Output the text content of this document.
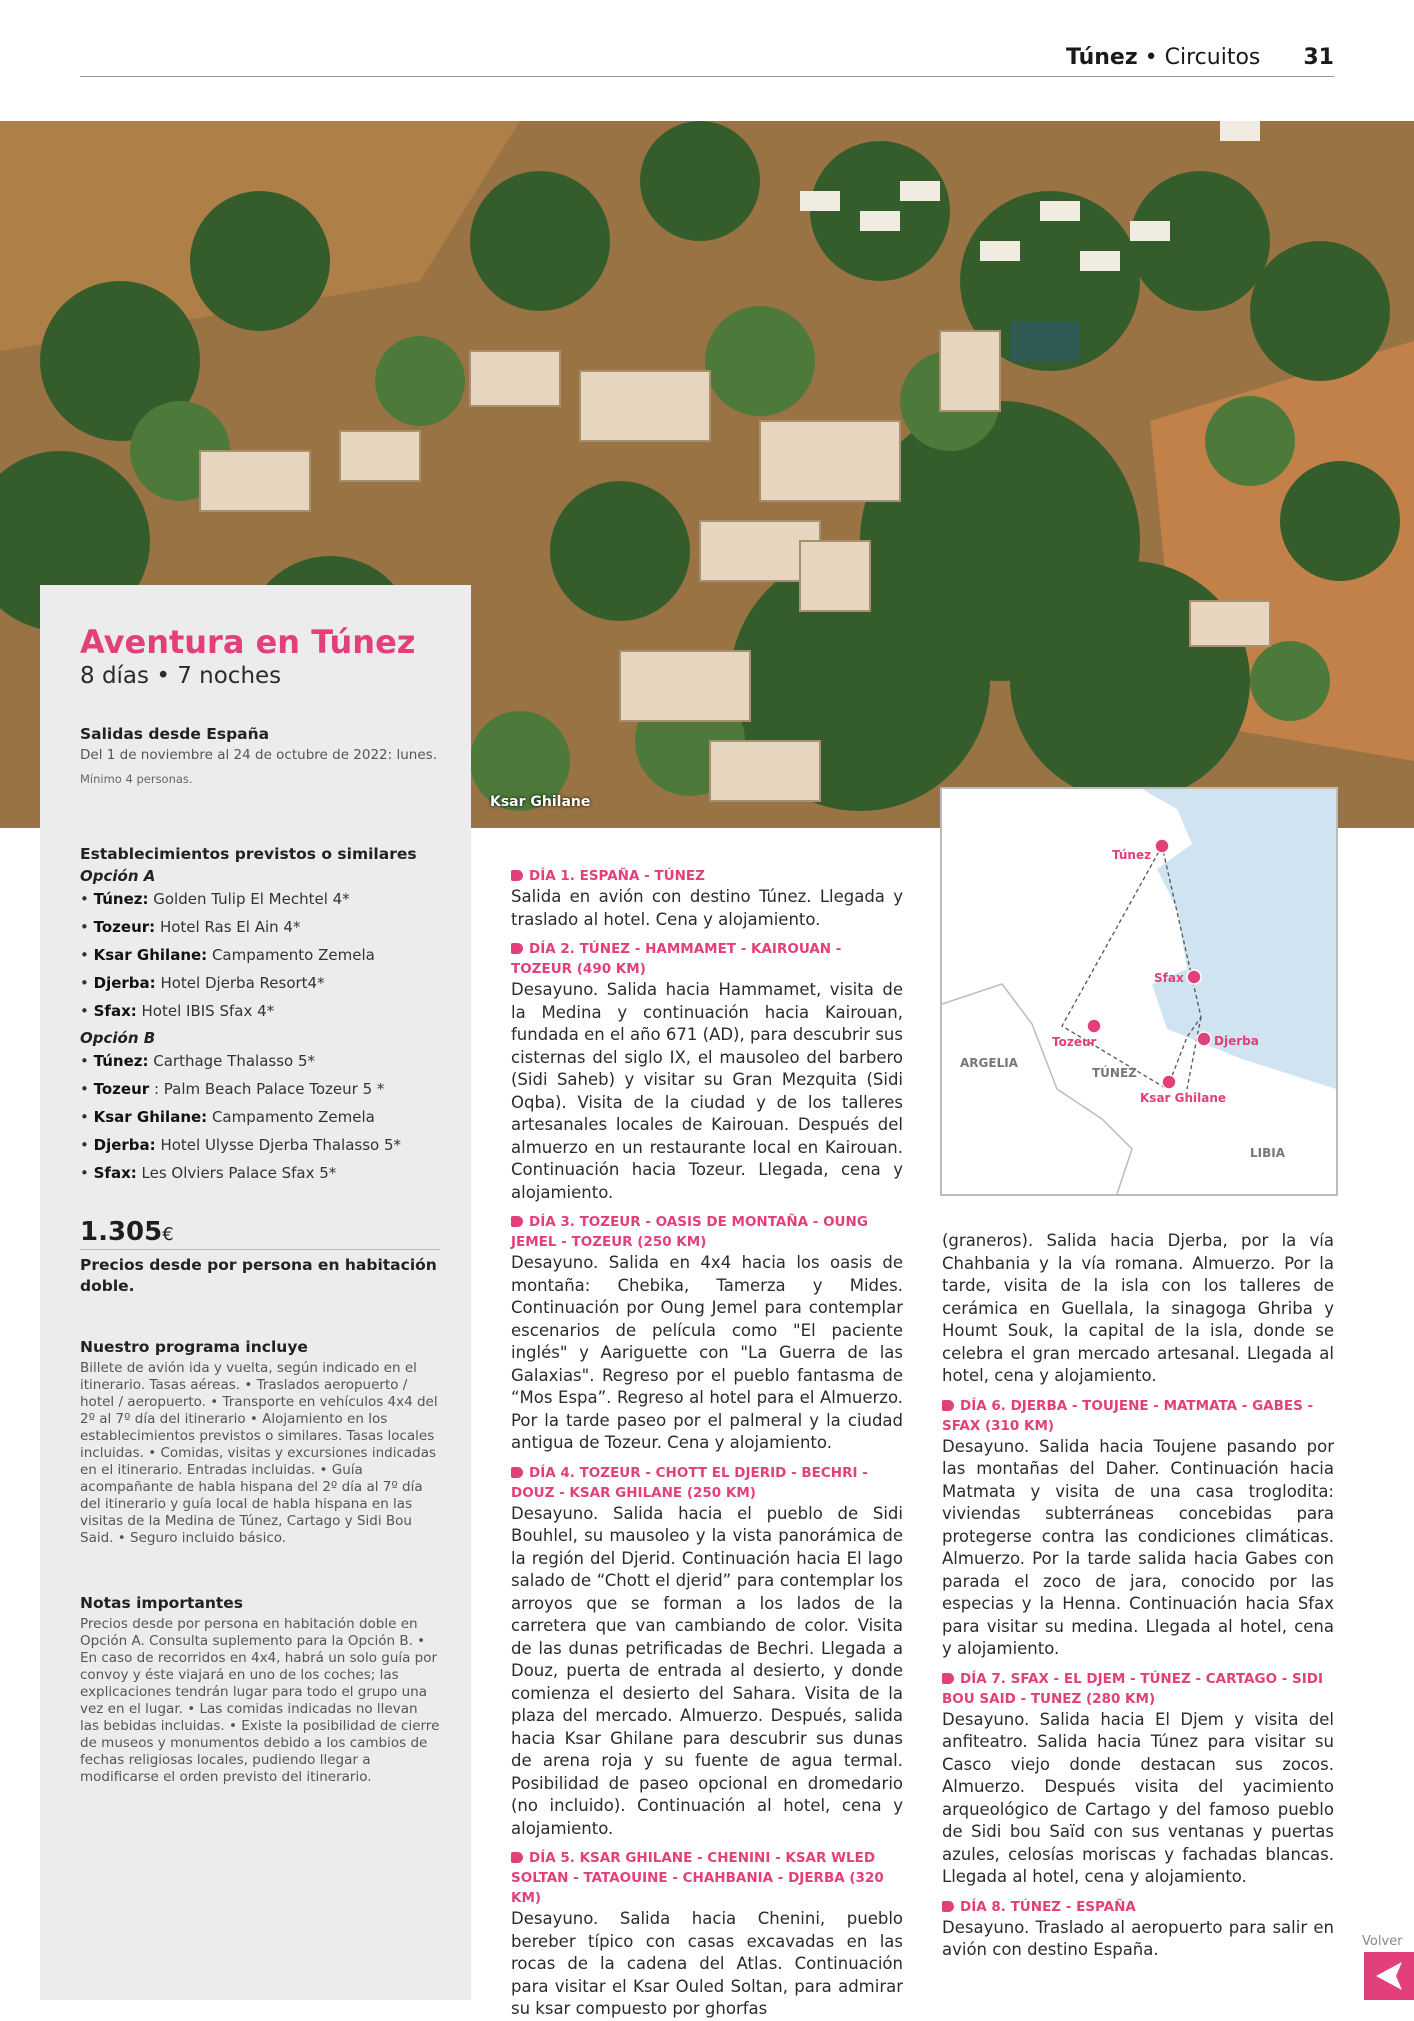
Túnez • Circuitos 31
Ksar Ghilane
Aventura en Túnez
8 días • 7 noches
Salidas desde España
Del 1 de noviembre al 24 de octubre de 2022: lunes.
Mínimo 4 personas.
Establecimientos previstos o similares
Opción A
• Túnez: Golden Tulip El Mechtel 4*
• Tozeur: Hotel Ras El Ain 4*
• Ksar Ghilane: Campamento Zemela
• Djerba: Hotel Djerba Resort4*
• Sfax: Hotel IBIS Sfax 4*
Opción B
• Túnez: Carthage Thalasso 5*
• Tozeur : Palm Beach Palace Tozeur 5 *
• Ksar Ghilane: Campamento Zemela
• Djerba: Hotel Ulysse Djerba Thalasso 5*
• Sfax: Les Olviers Palace Sfax 5*
1.305€
Precios desde por persona en habitación doble.
Nuestro programa incluye
Billete de avión ida y vuelta, según indicado en el itinerario. Tasas aéreas. • Traslados aeropuerto / hotel / aeropuerto. • Transporte en vehículos 4x4 del 2º al 7º día del itinerario • Alojamiento en los establecimientos previstos o similares. Tasas locales incluidas. • Comidas, visitas y excursiones indicadas en el itinerario. Entradas incluidas. • Guía acompañante de habla hispana del 2º día al 7º día del itinerario y guía local de habla hispana en las visitas de la Medina de Túnez, Cartago y Sidi Bou Said. • Seguro incluido básico.
Notas importantes
Precios desde por persona en habitación doble en Opción A. Consulta suplemento para la Opción B. • En caso de recorridos en 4x4, habrá un solo guía por convoy y éste viajará en uno de los coches; las explicaciones tendrán lugar para todo el grupo una vez en el lugar. • Las comidas indicadas no llevan las bebidas incluidas. • Existe la posibilidad de cierre de museos y monumentos debido a los cambios de fechas religiosas locales, pudiendo llegar a modificarse el orden previsto del itinerario.
DÍA 1. ESPAÑA - TÚNEZ

Salida en avión con destino Túnez. Llegada y traslado al hotel. Cena y alojamiento.

DÍA 2. TÚNEZ - HAMMAMET - KAIROUAN - TOZEUR (490 KM)

Desayuno. Salida hacia Hammamet, visita de la Medina y continuación hacia Kairouan, fundada en el año 671 (AD), para descubrir sus cisternas del siglo IX, el mausoleo del barbero (Sidi Saheb) y visitar su Gran Mezquita (Sidi Oqba). Visita de la ciudad y de los talleres artesanales locales de Kairouan. Después del almuerzo en un restaurante local en Kairouan. Continuación hacia Tozeur. Llegada, cena y alojamiento.

DÍA 3. TOZEUR - OASIS DE MONTAÑA - OUNG JEMEL - TOZEUR (250 KM)

Desayuno. Salida en 4x4 hacia los oasis de montaña: Chebika, Tamerza y Mides. Continuación por Oung Jemel para contemplar escenarios de película como "El paciente inglés" y Aariguette con "La Guerra de las Galaxias". Regreso por el pueblo fantasma de “Mos Espa”. Regreso al hotel para el Almuerzo. Por la tarde paseo por el palmeral y la ciudad antigua de Tozeur. Cena y alojamiento.

DÍA 4. TOZEUR - CHOTT EL DJERID - BECHRI - DOUZ - KSAR GHILANE (250 KM)

Desayuno. Salida hacia el pueblo de Sidi Bouhlel, su mausoleo y la vista panorámica de la región del Djerid. Continuación hacia El lago salado de “Chott el djerid” para contemplar los arroyos que se forman a los lados de la carretera que van cambiando de color. Visita de las dunas petrificadas de Bechri. Llegada a Douz, puerta de entrada al desierto, y donde comienza el desierto del Sahara. Visita de la plaza del mercado. Almuerzo. Después, salida hacia Ksar Ghilane para descubrir sus dunas de arena roja y su fuente de agua termal. Posibilidad de paseo opcional en dromedario (no incluido). Continuación al hotel, cena y alojamiento.

DÍA 5. KSAR GHILANE - CHENINI - KSAR WLED SOLTAN - TATAOUINE - CHAHBANIA - DJERBA (320 KM)

Desayuno. Salida hacia Chenini, pueblo bereber típico con casas excavadas en las rocas de la cadena del Atlas. Continuación para visitar el Ksar Ouled Soltan, para admirar su ksar compuesto por ghorfas

Túnez
Sfax
Tozeur	Djerba
Ksar Ghilane
ARGELIA
TÚNEZ
LIBIA

(graneros). Salida hacia Djerba, por la vía Chahbania y la vía romana. Almuerzo. Por la tarde, visita de la isla con los talleres de cerámica en Guellala, la sinagoga Ghriba y Houmt Souk, la capital de la isla, donde se celebra el gran mercado artesanal. Llegada al hotel, cena y alojamiento.

DÍA 6. DJERBA - TOUJENE - MATMATA - GABES - SFAX (310 KM)

Desayuno. Salida hacia Toujene pasando por las montañas del Daher. Continuación hacia Matmata y visita de una casa troglodita: viviendas subterráneas concebidas para protegerse contra las condiciones climáticas. Almuerzo. Por la tarde salida hacia Gabes con parada el zoco de jara, conocido por las especias y la Henna. Continuación hacia Sfax para visitar su medina. Llegada al hotel, cena y alojamiento.

DÍA 7. SFAX - EL DJEM - TÚNEZ - CARTAGO - SIDI BOU SAID - TUNEZ (280 KM)

Desayuno. Salida hacia El Djem y visita del anfiteatro. Salida hacia Túnez para visitar su Casco viejo donde destacan sus zocos. Almuerzo. Después visita del yacimiento arqueológico de Cartago y del famoso pueblo de Sidi bou Saïd con sus ventanas y puertas azules, celosías moriscas y fachadas blancas. Llegada al hotel, cena y alojamiento.

DÍA 8. TÚNEZ - ESPAÑA

Desayuno. Traslado al aeropuerto para salir en avión con destino España.	Volver
